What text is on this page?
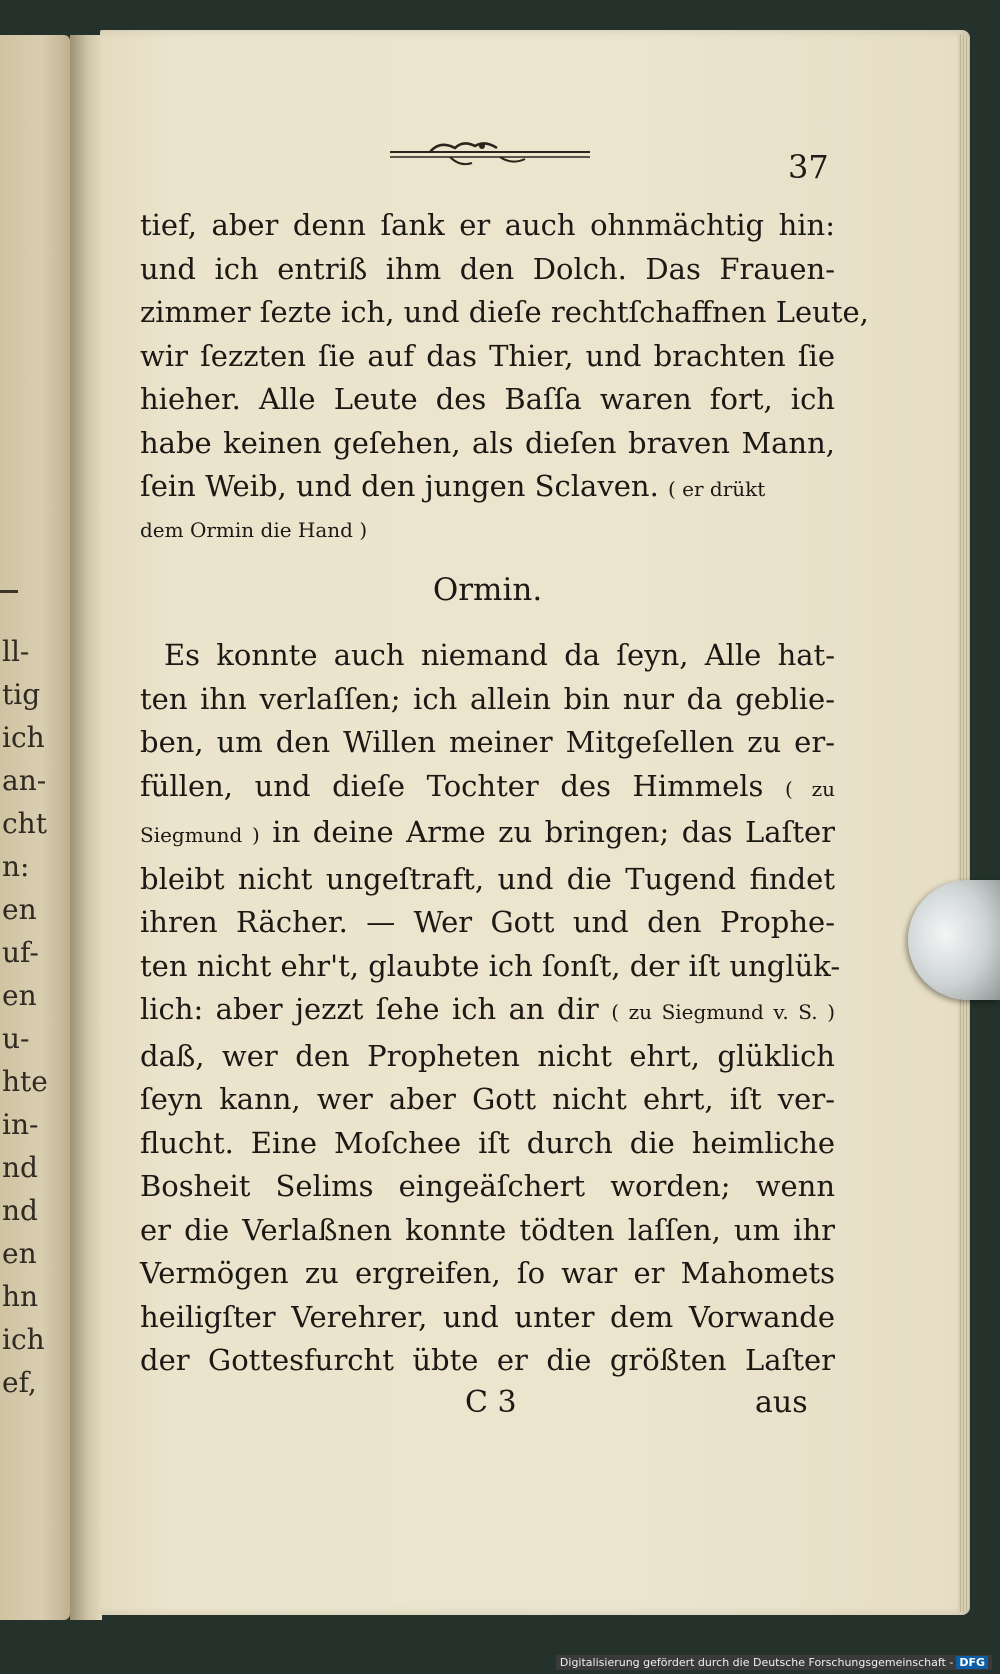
ll-
tig
ich
an-
cht
n:
en
uf-
en
u-
hte
in-
nd
nd
en
hn
ich
ef,
37
tief, aber denn ſank er auch ohnmächtig hin:
und ich entriß ihm den Dolch. Das Frauen-
zimmer ſezte ich, und dieſe rechtſchaffnen Leute,
wir ſezzten ſie auf das Thier, und brachten ſie
hieher. Alle Leute des Baſſa waren fort, ich
habe keinen geſehen, als dieſen braven Mann,
ſein Weib, und den jungen Sclaven. ( er drükt
dem Ormin die Hand )
Ormin.
Es konnte auch niemand da ſeyn, Alle hat-
ten ihn verlaſſen; ich allein bin nur da geblie-
ben, um den Willen meiner Mitgeſellen zu er-
füllen, und dieſe Tochter des Himmels ( zu
Siegmund ) in deine Arme zu bringen; das Laſter
bleibt nicht ungeſtraft, und die Tugend findet
ihren Rächer. — Wer Gott und den Prophe-
ten nicht ehr't, glaubte ich ſonſt, der iſt unglük-
lich: aber jezzt ſehe ich an dir ( zu Siegmund v. S. )
daß, wer den Propheten nicht ehrt, glüklich
ſeyn kann, wer aber Gott nicht ehrt, iſt ver-
flucht. Eine Moſchee iſt durch die heimliche
Bosheit Selims eingeäſchert worden; wenn
er die Verlaßnen konnte tödten laſſen, um ihr
Vermögen zu ergreifen, ſo war er Mahomets
heiligſter Verehrer, und unter dem Vorwande
der Gottesfurcht übte er die größten Laſter
C 3	aus
Digitalisierung gefördert durch die Deutsche Forschungsgemeinschaft - DFG
